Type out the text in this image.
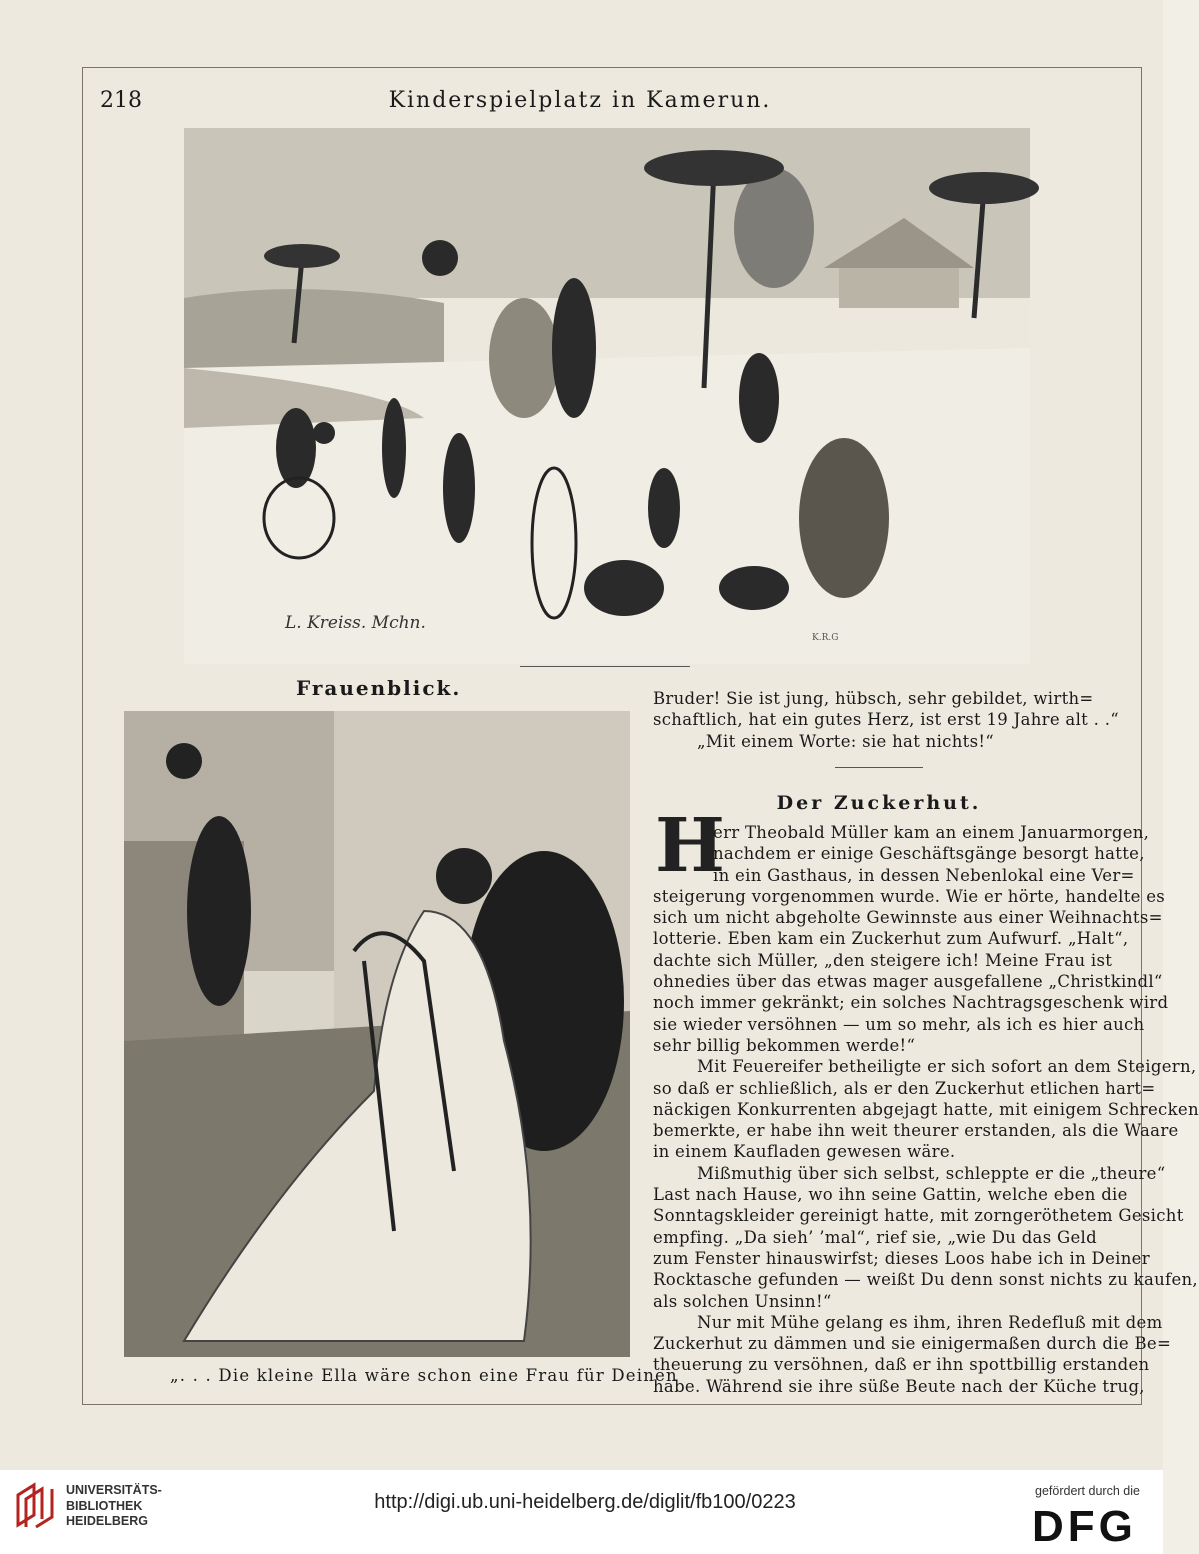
218	Kinderspielplatz in Kamerun.
L. Kreiss. Mchn.
K.R.G
Frauenblick.
„. . . Die kleine Ella wäre schon eine Frau für Deinen

Bruder! Sie ist jung, hübsch, sehr gebildet, wirth=
schaftlich, hat ein gutes Herz, ist erst 19 Jahre alt . .“
„Mit einem Worte: sie hat nichts!“

Der Zuckerhut.
H

err Theobald Müller kam an einem Januarmorgen,
nachdem er einige Geschäftsgänge besorgt hatte,
in ein Gasthaus, in dessen Nebenlokal eine Ver=
steigerung vorgenommen wurde. Wie er hörte, handelte es
sich um nicht abgeholte Gewinnste aus einer Weihnachts=
lotterie. Eben kam ein Zuckerhut zum Aufwurf. „Halt“,
dachte sich Müller, „den steigere ich! Meine Frau ist
ohnedies über das etwas mager ausgefallene „Christkindl“
noch immer gekränkt; ein solches Nachtragsgeschenk wird
sie wieder versöhnen — um so mehr, als ich es hier auch
sehr billig bekommen werde!“

Mit Feuereifer betheiligte er sich sofort an dem Steigern,
so daß er schließlich, als er den Zuckerhut etlichen hart=
näckigen Konkurrenten abgejagt hatte, mit einigem Schrecken
bemerkte, er habe ihn weit theurer erstanden, als die Waare
in einem Kaufladen gewesen wäre.

Mißmuthig über sich selbst, schleppte er die „theure“
Last nach Hause, wo ihn seine Gattin, welche eben die
Sonntagskleider gereinigt hatte, mit zorngeröthetem Gesicht
empfing. „Da sieh’ ’mal“, rief sie, „wie Du das Geld
zum Fenster hinauswirfst; dieses Loos habe ich in Deiner
Rocktasche gefunden — weißt Du denn sonst nichts zu kaufen,
als solchen Unsinn!“

Nur mit Mühe gelang es ihm, ihren Redefluß mit dem
Zuckerhut zu dämmen und sie einigermaßen durch die Be=
theuerung zu versöhnen, daß er ihn spottbillig erstanden
habe. Während sie ihre süße Beute nach der Küche trug,

UNIVERSITÄTS-
BIBLIOTHEK
HEIDELBERG
http://digi.ub.uni-heidelberg.de/diglit/fb100/0223	gefördert durch die
DFG
